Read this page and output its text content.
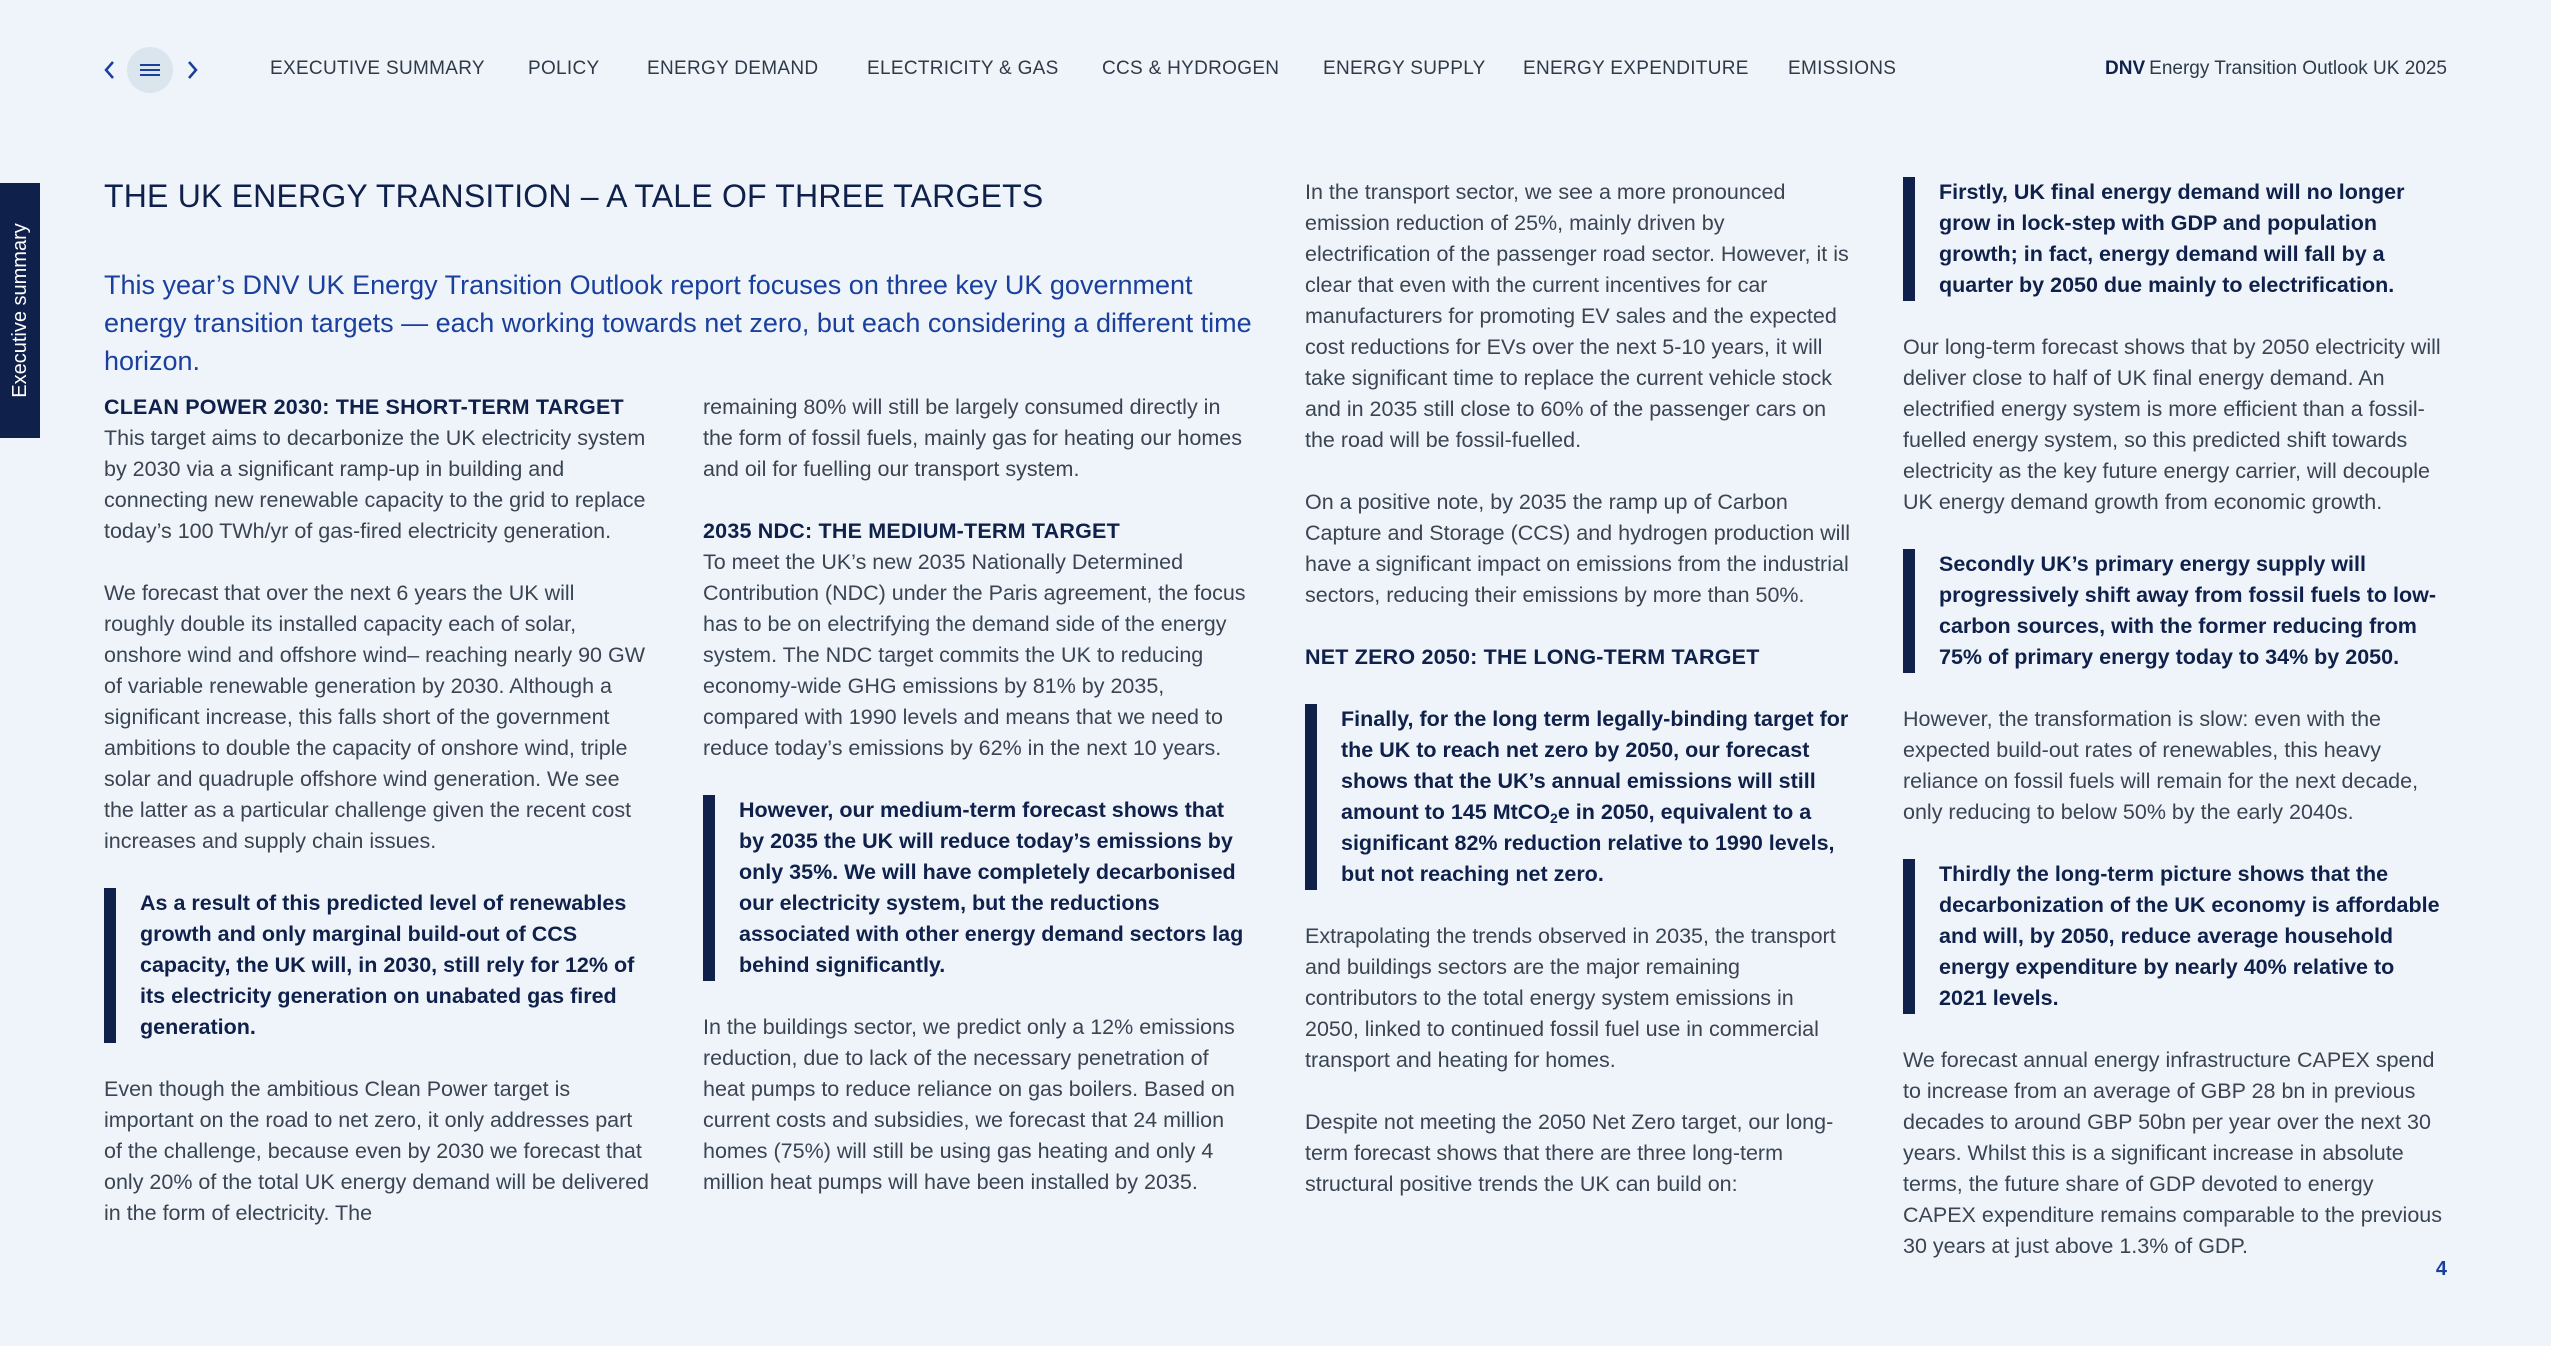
EXECUTIVE SUMMARY POLICY	ENERGY DEMAND	ELECTRICITY & GAS CCS & HYDROGEN ENERGY SUPPLY ENERGY EXPENDITURE EMISSIONS	DNV Energy Transition Outlook UK 2025
Executive summary
THE UK ENERGY TRANSITION – A TALE OF THREE TARGETS

This year’s DNV UK Energy Transition Outlook report focuses on three key UK government energy transition targets — each working towards net zero, but each considering a different time horizon.

CLEAN POWER 2030: THE SHORT-TERM TARGET

This target aims to decarbonize the UK electricity system by 2030 via a significant ramp-up in building and connecting new renewable capacity to the grid to replace today’s 100 TWh/yr of gas-fired electricity generation.

We forecast that over the next 6 years the UK will roughly double its installed capacity each of solar, onshore wind and offshore wind– reaching nearly 90 GW of variable renewable generation by 2030. Although a significant increase, this falls short of the government ambitions to double the capacity of onshore wind, triple solar and quadruple offshore wind generation. We see the latter as a particular challenge given the recent cost increases and supply chain issues.

As a result of this predicted level of renewables growth and only marginal build-out of CCS capacity, the UK will, in 2030, still rely for 12% of its electricity generation on unabated gas fired generation.

Even though the ambitious Clean Power target is important on the road to net zero, it only addresses part of the challenge, because even by 2030 we forecast that only 20% of the total UK energy demand will be delivered in the form of electricity. The

remaining 80% will still be largely consumed directly in the form of fossil fuels, mainly gas for heating our homes and oil for fuelling our transport system.

2035 NDC: THE MEDIUM-TERM TARGET

To meet the UK’s new 2035 Nationally Determined Contribution (NDC) under the Paris agreement, the focus has to be on electrifying the demand side of the energy system. The NDC target commits the UK to reducing economy-wide GHG emissions by 81% by 2035, compared with 1990 levels and means that we need to reduce today’s emissions by 62% in the next 10 years.

However, our medium-term forecast shows that by 2035 the UK will reduce today’s emissions by only 35%. We will have completely decarbonised our electricity system, but the reductions associated with other energy demand sectors lag behind significantly.

In the buildings sector, we predict only a 12% emissions reduction, due to lack of the necessary penetration of heat pumps to reduce reliance on gas boilers. Based on current costs and subsidies, we forecast that 24 million homes (75%) will still be using gas heating and only 4 million heat pumps will have been installed by 2035.

In the transport sector, we see a more pronounced emission reduction of 25%, mainly driven by electrification of the passenger road sector. However, it is clear that even with the current incentives for car manufacturers for promoting EV sales and the expected cost reductions for EVs over the next 5-10 years, it will take significant time to replace the current vehicle stock and in 2035 still close to 60% of the passenger cars on the road will be fossil-fuelled.

On a positive note, by 2035 the ramp up of Carbon Capture and Storage (CCS) and hydrogen production will have a significant impact on emissions from the industrial sectors, reducing their emissions by more than 50%.

NET ZERO 2050: THE LONG-TERM TARGET
Finally, for the long term legally-binding target for the UK to reach net zero by 2050, our forecast shows that the UK’s annual emissions will still amount to 145 MtCO$_2$e in 2050, equivalent to a significant 82% reduction relative to 1990 levels, but not reaching net zero.

Extrapolating the trends observed in 2035, the transport and buildings sectors are the major remaining contributors to the total energy system emissions in 2050, linked to continued fossil fuel use in commercial transport and heating for homes.

Despite not meeting the 2050 Net Zero target, our long-term forecast shows that there are three long-term structural positive trends the UK can build on:

Firstly, UK final energy demand will no longer grow in lock-step with GDP and population growth; in fact, energy demand will fall by a quarter by 2050 due mainly to electrification.

Our long-term forecast shows that by 2050 electricity will deliver close to half of UK final energy demand. An electrified energy system is more efficient than a fossil-fuelled energy system, so this predicted shift towards electricity as the key future energy carrier, will decouple UK energy demand growth from economic growth.

Secondly UK’s primary energy supply will progressively shift away from fossil fuels to low-carbon sources, with the former reducing from 75% of primary energy today to 34% by 2050.

However, the transformation is slow: even with the expected build-out rates of renewables, this heavy reliance on fossil fuels will remain for the next decade, only reducing to below 50% by the early 2040s.

Thirdly the long-term picture shows that the decarbonization of the UK economy is affordable and will, by 2050, reduce average household energy expenditure by nearly 40% relative to 2021 levels.

We forecast annual energy infrastructure CAPEX spend to increase from an average of GBP 28 bn in previous decades to around GBP 50bn per year over the next 30 years. Whilst this is a significant increase in absolute terms, the future share of GDP devoted to energy CAPEX expenditure remains comparable to the previous 30 years at just above 1.3% of GDP.

4
